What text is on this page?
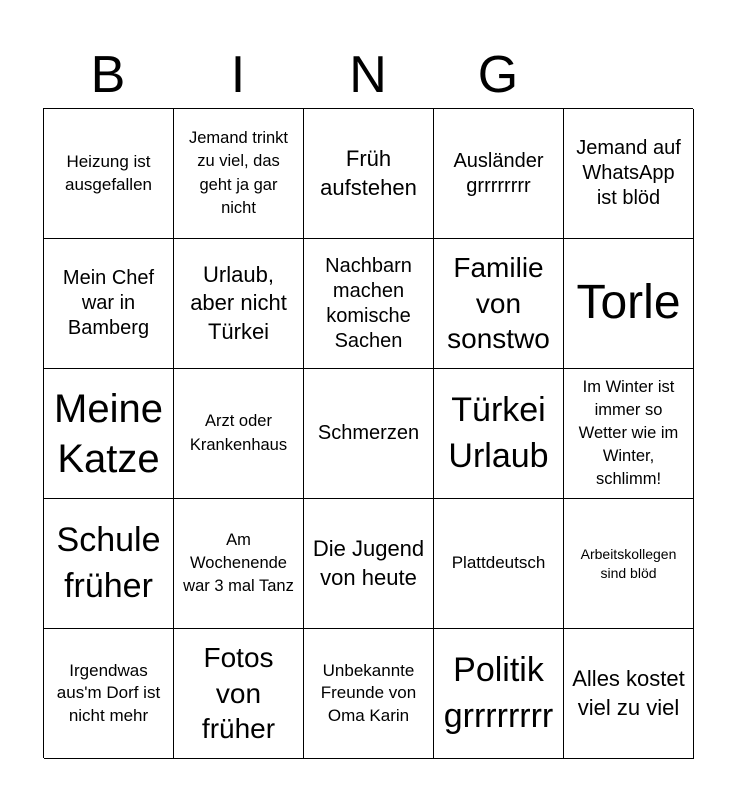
B	I	N	G
Heizung ist ausgefallen
Jemand trinkt zu viel, das geht ja gar nicht
Früh aufstehen
Ausländer grrrrrrrr
Jemand auf WhatsApp ist blöd
Mein Chef war in Bamberg
Urlaub, aber nicht Türkei
Nachbarn machen komische Sachen
Familie von sonstwo
Torle
Meine Katze
Arzt oder Krankenhaus
Schmerzen
Türkei Urlaub
Im Winter ist immer so Wetter wie im Winter, schlimm!
Schule früher
Am Wochenende war 3 mal Tanz
Die Jugend von heute
Plattdeutsch	Arbeitskollegen sind blöd
Irgendwas aus'm Dorf ist nicht mehr
Fotos von früher
Unbekannte Freunde von Oma Karin
Politik grrrrrrrr
Alles kostet viel zu viel
